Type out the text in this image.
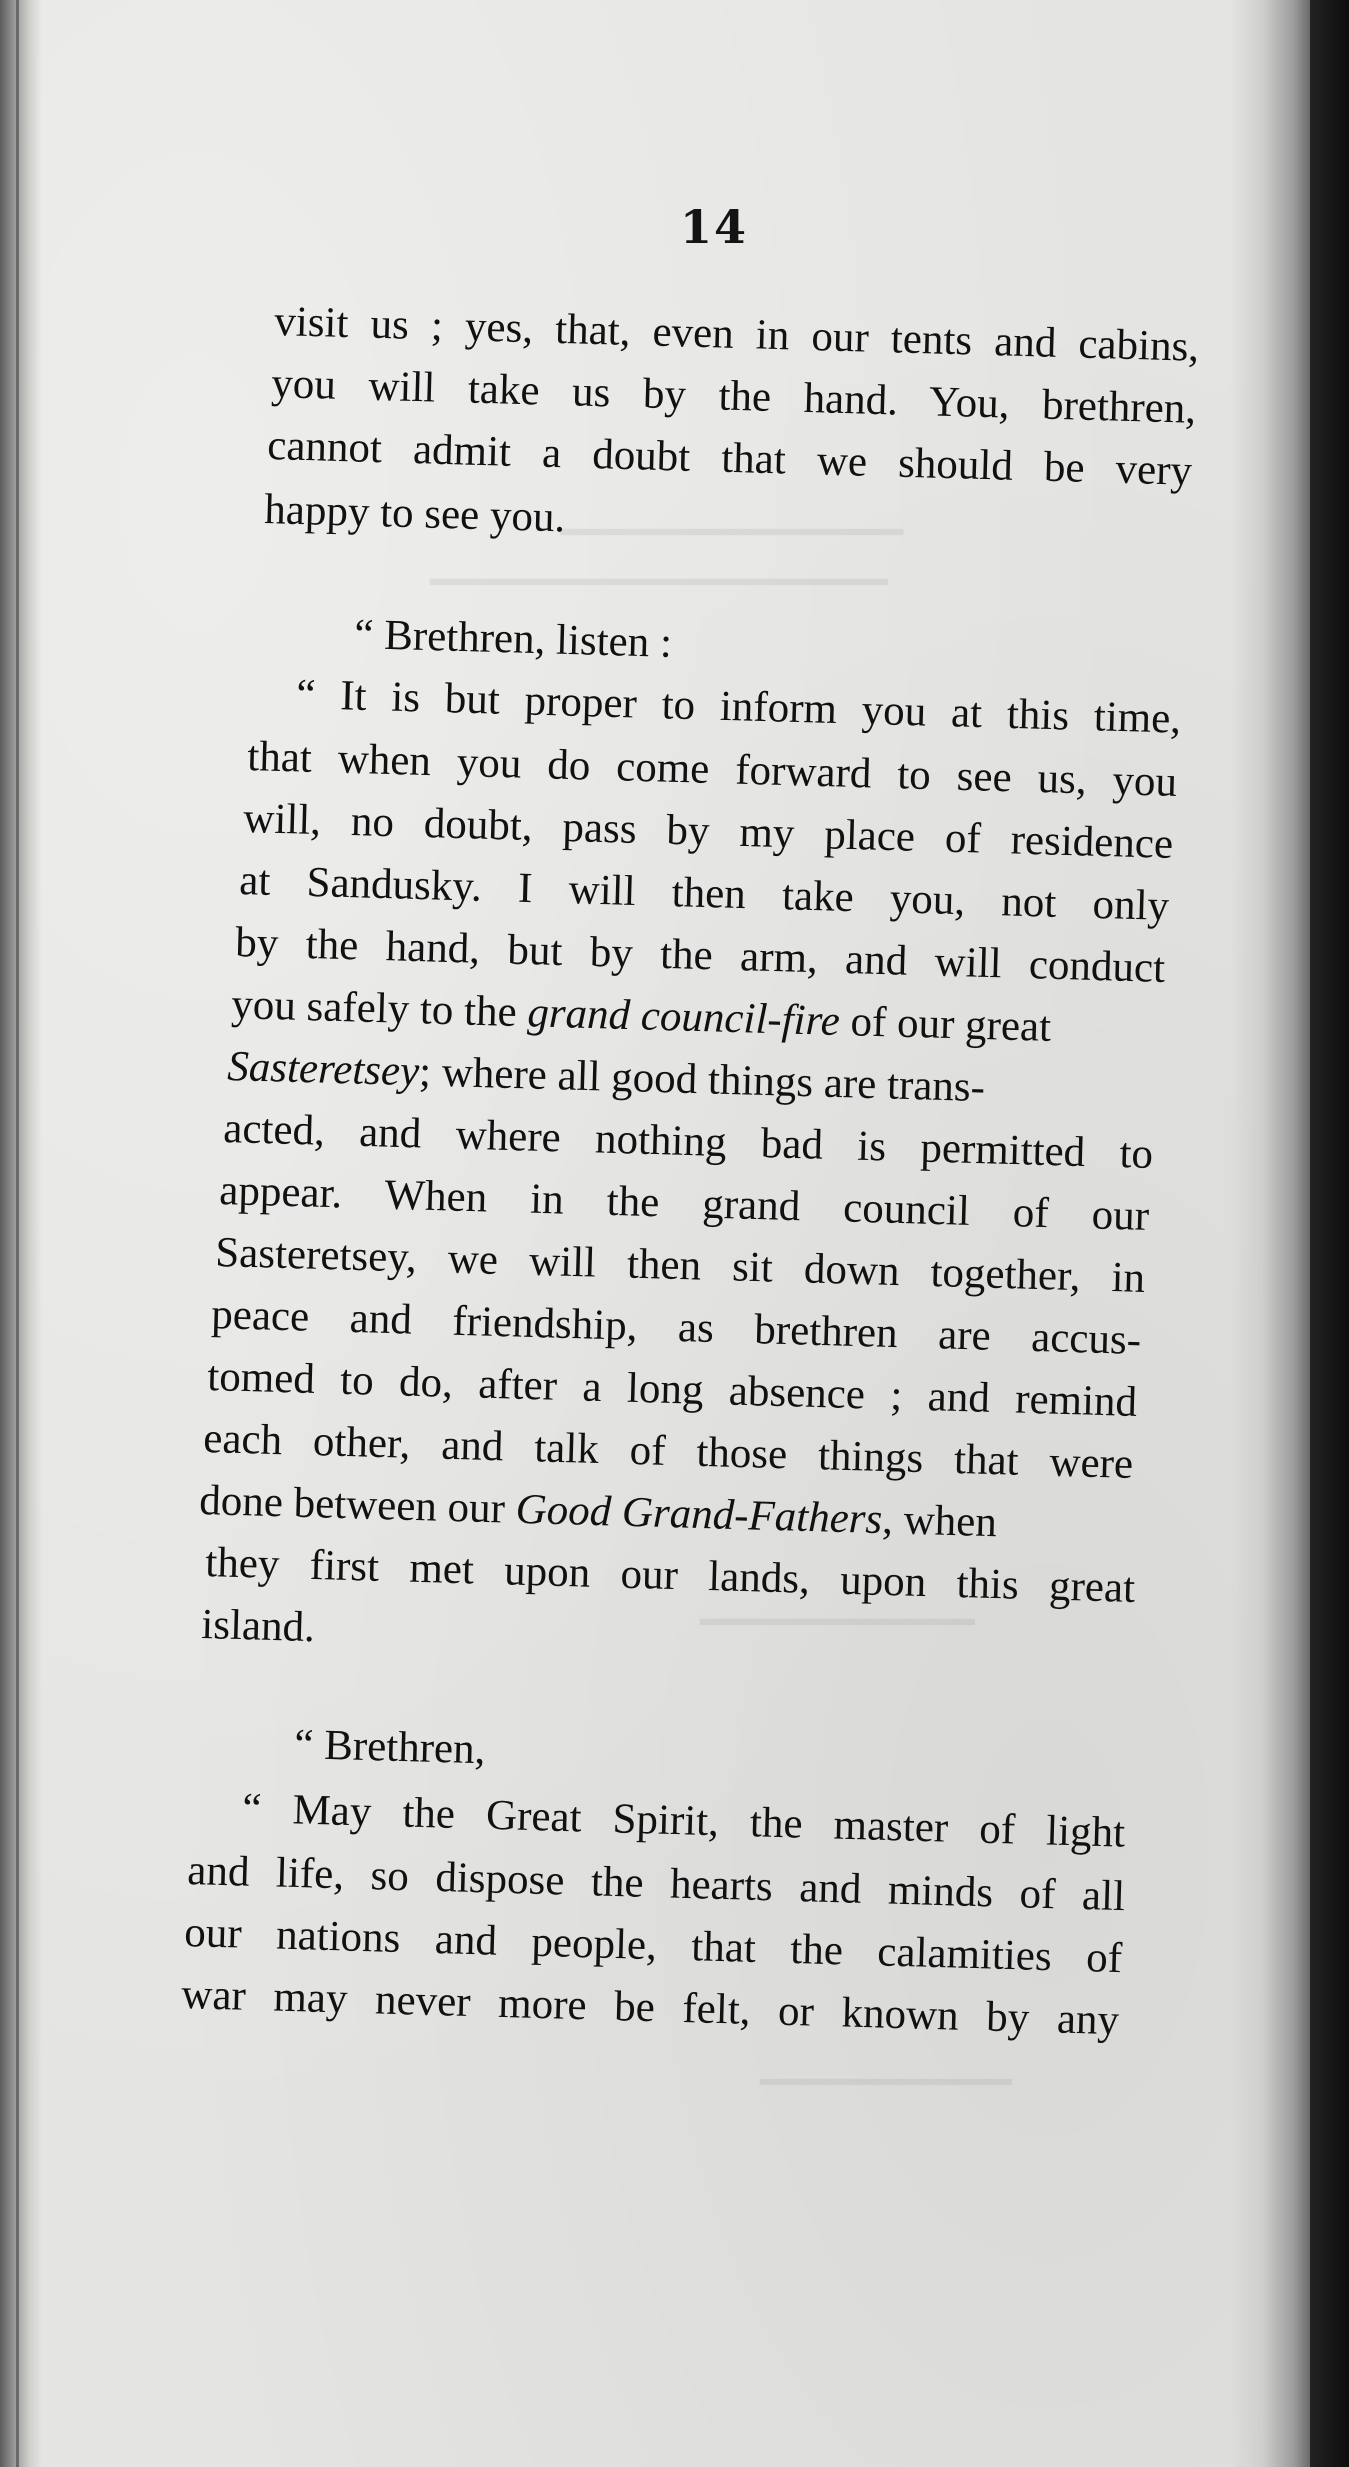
━━━━━━━━━━━━━━━
━━━━━━━━━━━━━━━━━━━━
━━━━━━━━━━━━
━━━━━━━━━━━
14
visit us ; yes, that, even in our tents and cabins,
you will take us by the hand. You, brethren,
cannot admit a doubt that we should be very
happy to see you.
“ Brethren, listen :
“ It is but proper to inform you at this time,
that when you do come forward to see us, you
will, no doubt, pass by my place of residence
at Sandusky. I will then take you, not only
by the hand, but by the arm, and will conduct
you safely to the grand council-fire of our great
Sasteretsey; where all good things are trans-
acted, and where nothing bad is permitted to
appear. When in the grand council of our
Sasteretsey, we will then sit down together, in
peace and friendship, as brethren are accus-
tomed to do, after a long absence ; and remind
each other, and talk of those things that were
done between our Good Grand-Fathers, when
they first met upon our lands, upon this great
island.
“ Brethren,
“ May the Great Spirit, the master of light
and life, so dispose the hearts and minds of all
our nations and people, that the calamities of
war may never more be felt, or known by any
